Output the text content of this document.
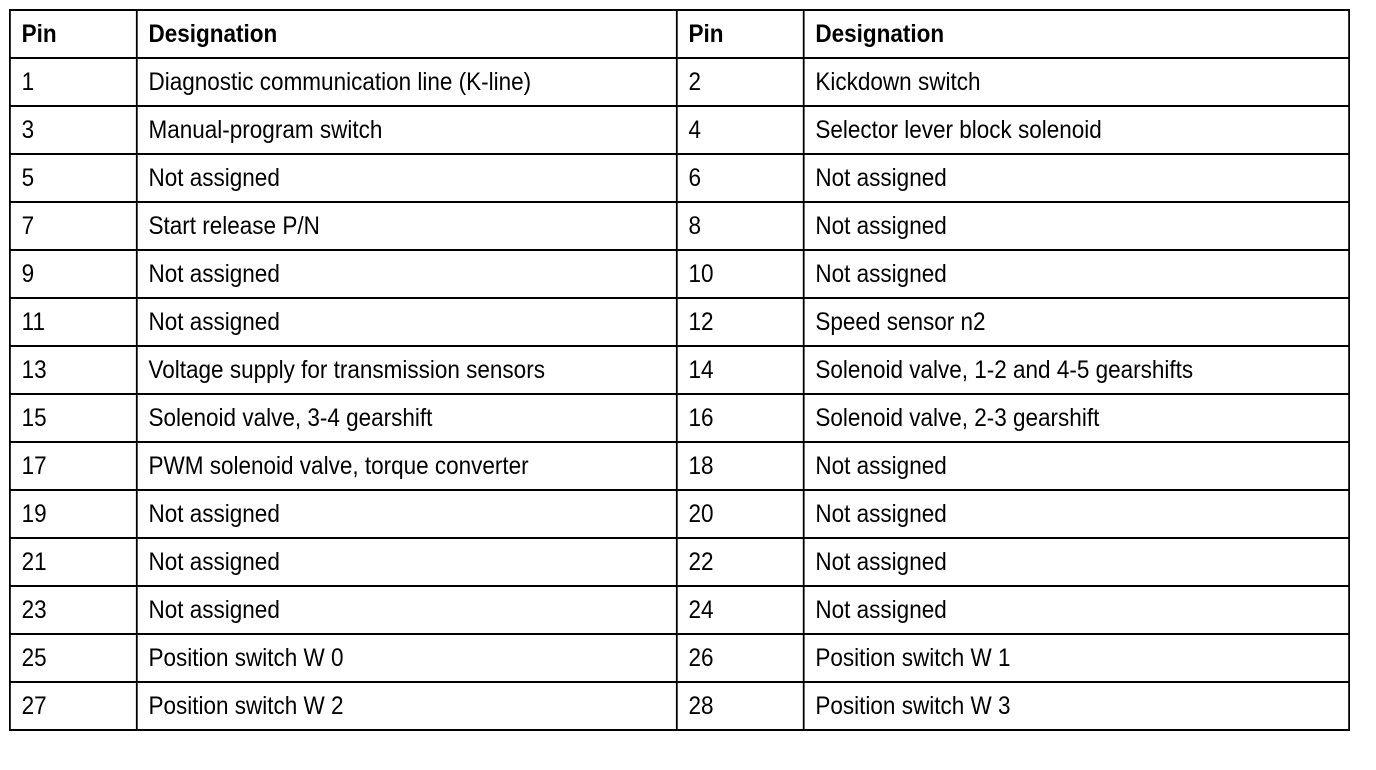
Pin	Designation	Pin	Designation
1	Diagnostic communication line (K-line)	2	Kickdown switch
3	Manual-program switch	4	Selector lever block solenoid
5	Not assigned	6	Not assigned
7	Start release P/N	8	Not assigned
9	Not assigned	10	Not assigned
11	Not assigned	12	Speed sensor n2
13	Voltage supply for transmission sensors	14	Solenoid valve, 1-2 and 4-5 gearshifts
15	Solenoid valve, 3-4 gearshift	16	Solenoid valve, 2-3 gearshift
17	PWM solenoid valve, torque converter	18	Not assigned
19	Not assigned	20	Not assigned
21	Not assigned	22	Not assigned
23	Not assigned	24	Not assigned
25	Position switch W 0	26	Position switch W 1
27	Position switch W 2	28	Position switch W 3
